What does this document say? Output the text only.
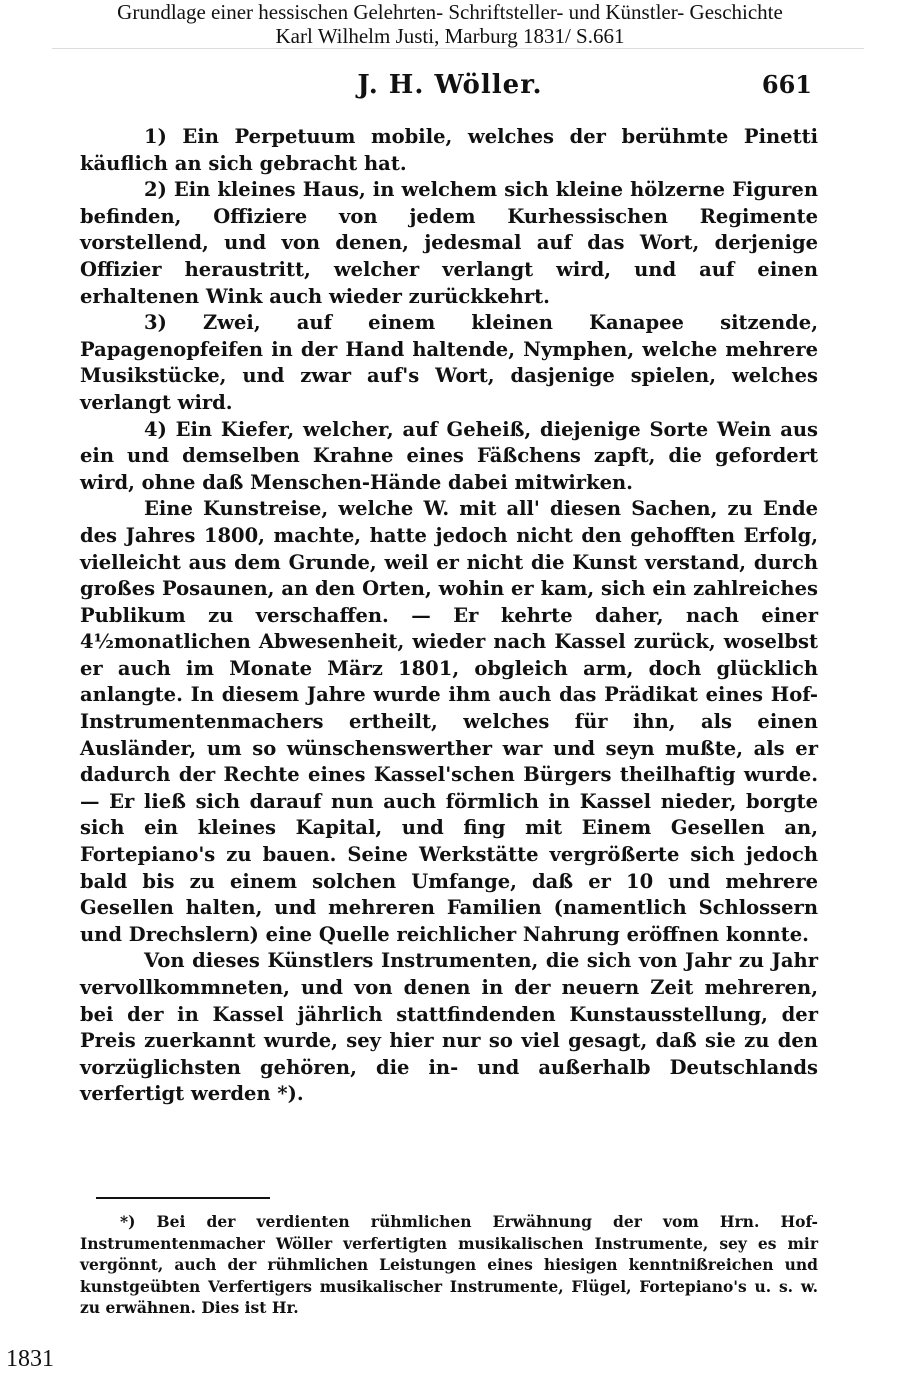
Grundlage einer hessischen Gelehrten- Schriftsteller- und Künstler- Geschichte
Karl Wilhelm Justi, Marburg 1831/ S.661
J. H. Wöller.	661

1) Ein Perpetuum mobile, welches der berühmte Pinetti käuflich an sich gebracht hat.

2) Ein kleines Haus, in welchem sich kleine hölzerne Figuren befinden, Offiziere von jedem Kurhessischen Regimente vorstellend, und von denen, jedesmal auf das Wort, derjenige Offizier heraustritt, welcher verlangt wird, und auf einen erhaltenen Wink auch wieder zurückkehrt.

3) Zwei, auf einem kleinen Kanapee sitzende, Papagenopfeifen in der Hand haltende, Nymphen, welche mehrere Musikstücke, und zwar auf's Wort, dasjenige spielen, welches verlangt wird.

4) Ein Kiefer, welcher, auf Geheiß, diejenige Sorte Wein aus ein und demselben Krahne eines Fäßchens zapft, die gefordert wird, ohne daß Menschen-Hände dabei mitwirken.

Eine Kunstreise, welche W. mit all' diesen Sachen, zu Ende des Jahres 1800, machte, hatte jedoch nicht den gehofften Erfolg, vielleicht aus dem Grunde, weil er nicht die Kunst verstand, durch großes Posaunen, an den Orten, wohin er kam, sich ein zahlreiches Publikum zu verschaffen. — Er kehrte daher, nach einer 4½monatlichen Abwesenheit, wieder nach Kassel zurück, woselbst er auch im Monate März 1801, obgleich arm, doch glücklich anlangte. In diesem Jahre wurde ihm auch das Prädikat eines Hof-Instrumentenmachers ertheilt, welches für ihn, als einen Ausländer, um so wünschenswerther war und seyn mußte, als er dadurch der Rechte eines Kassel'schen Bürgers theilhaftig wurde. — Er ließ sich darauf nun auch förmlich in Kassel nieder, borgte sich ein kleines Kapital, und fing mit Einem Gesellen an, Fortepiano's zu bauen. Seine Werkstätte vergrößerte sich jedoch bald bis zu einem solchen Umfange, daß er 10 und mehrere Gesellen halten, und mehreren Familien (namentlich Schlossern und Drechslern) eine Quelle reichlicher Nahrung eröffnen konnte.

Von dieses Künstlers Instrumenten, die sich von Jahr zu Jahr vervollkommneten, und von denen in der neuern Zeit mehreren, bei der in Kassel jährlich stattfindenden Kunstausstellung, der Preis zuerkannt wurde, sey hier nur so viel gesagt, daß sie zu den vorzüglichsten gehören, die in- und außerhalb Deutschlands verfertigt werden *).

*) Bei der verdienten rühmlichen Erwähnung der vom Hrn. Hof-Instrumentenmacher Wöller verfertigten musikalischen Instrumente, sey es mir vergönnt, auch der rühmlichen Leistungen eines hiesigen kenntnißreichen und kunstgeübten Verfertigers musikalischer Instrumente, Flügel, Fortepiano's u. s. w. zu erwähnen. Dies ist Hr.

1831
